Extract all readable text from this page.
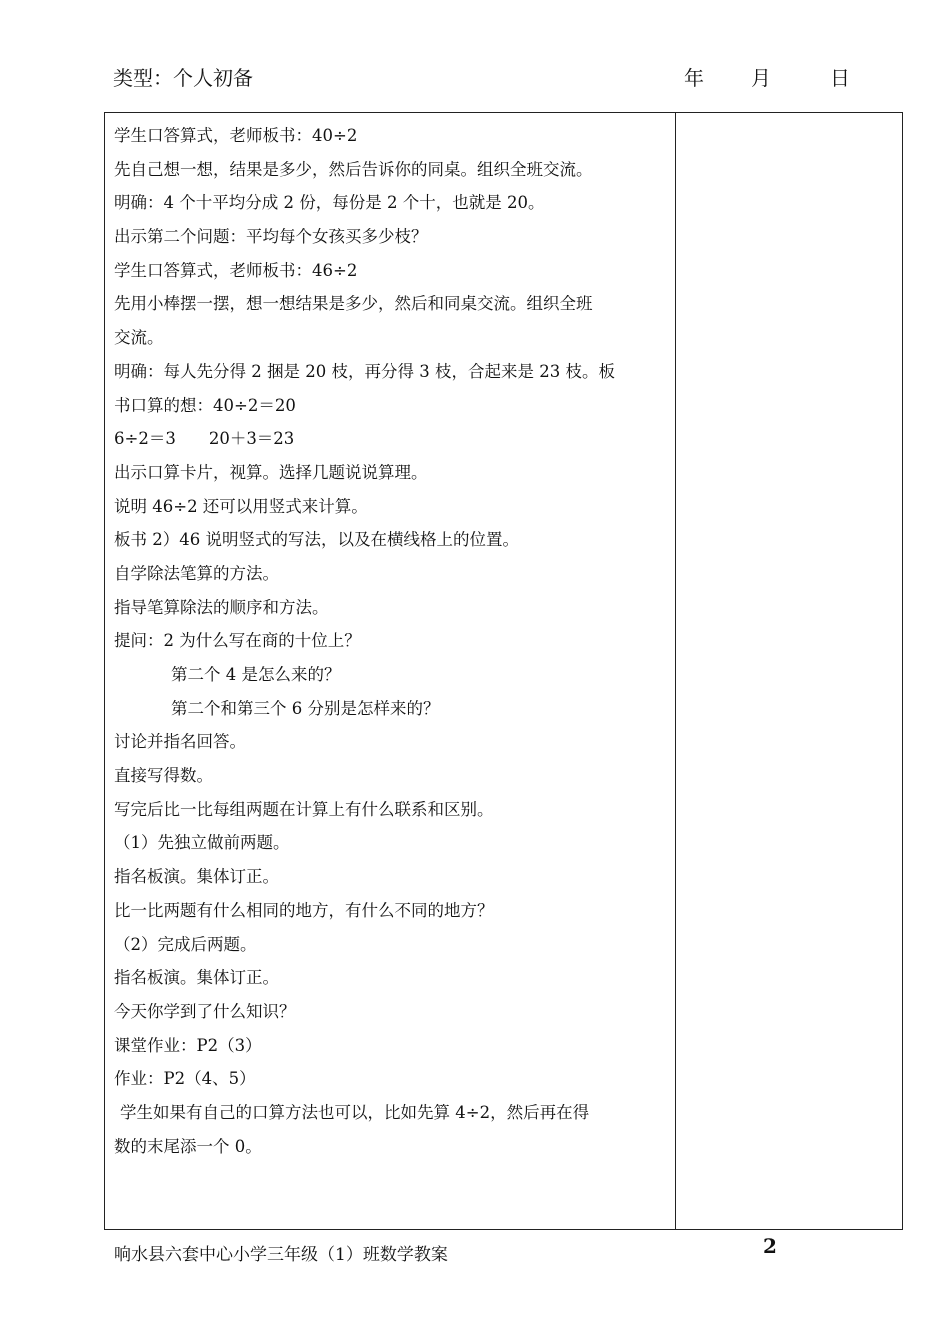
类型：个人初备	年 月	日
学生口答算式，老师板书：40÷2
先自己想一想，结果是多少，然后告诉你的同桌。组织全班交流。
明确：4 个十平均分成 2 份，每份是 2 个十，也就是 20。
出示第二个问题：平均每个女孩买多少枝？
学生口答算式，老师板书：46÷2
先用小棒摆一摆，想一想结果是多少，然后和同桌交流。组织全班
交流。
明确：每人先分得 2 捆是 20 枝，再分得 3 枝，合起来是 23 枝。板
书口算的想：40÷2＝20
6÷2＝3　　20＋3＝23
出示口算卡片，视算。选择几题说说算理。
说明 46÷2 还可以用竖式来计算。
板书 2）46 说明竖式的写法，以及在横线格上的位置。
自学除法笔算的方法。
指导笔算除法的顺序和方法。
提问：2 为什么写在商的十位上？
第二个 4 是怎么来的？
第二个和第三个 6 分别是怎样来的？
讨论并指名回答。
直接写得数。
写完后比一比每组两题在计算上有什么联系和区别。
（1）先独立做前两题。
指名板演。集体订正。
比一比两题有什么相同的地方，有什么不同的地方？
（2）完成后两题。
指名板演。集体订正。
今天你学到了什么知识？
课堂作业：P2（3）
作业：P2（4、5）
学生如果有自己的口算方法也可以，比如先算 4÷2，然后再在得
数的末尾添一个 0。
响水县六套中心小学三年级（1）班数学教案	2
